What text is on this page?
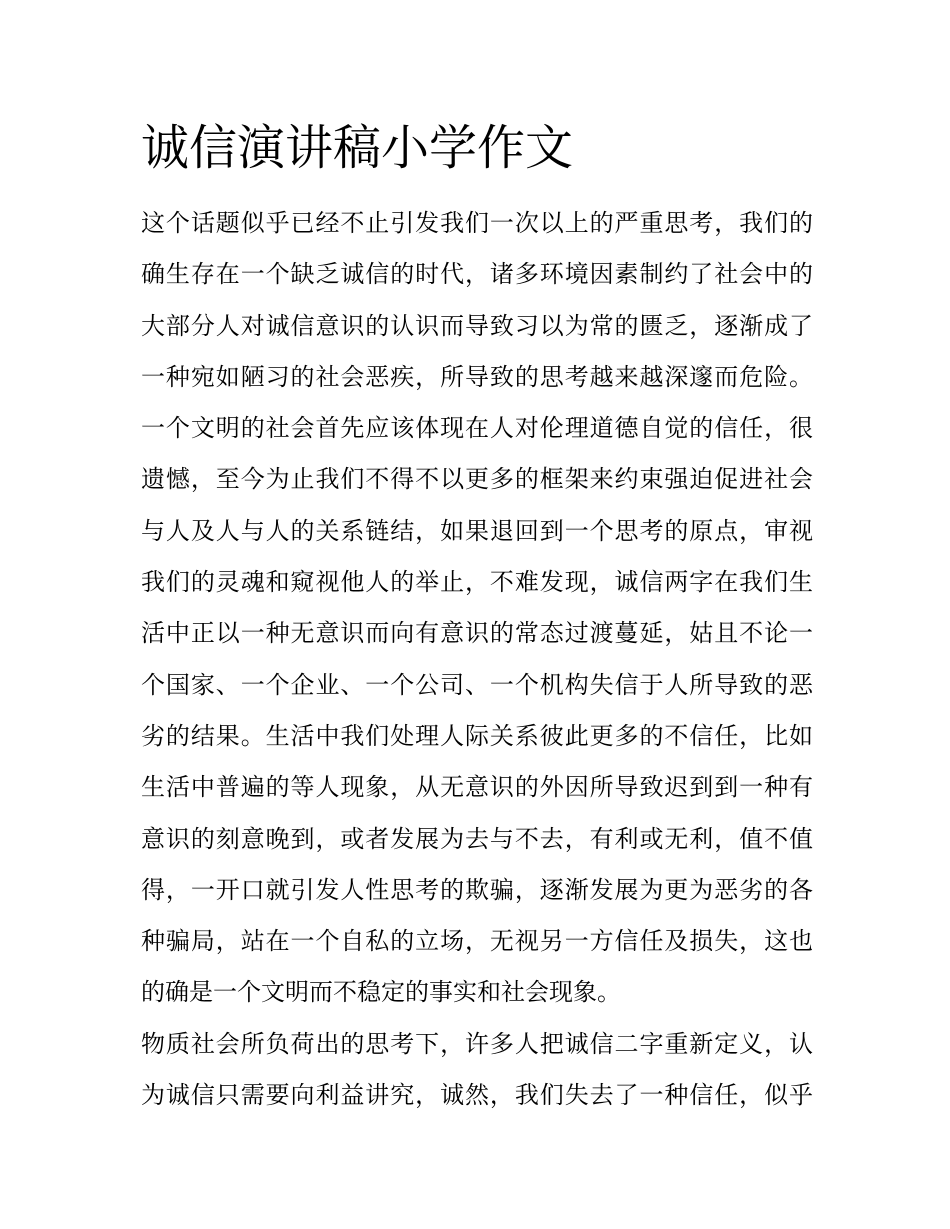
诚信演讲稿小学作文
这个话题似乎已经不止引发我们一次以上的严重思考，我们的
确生存在一个缺乏诚信的时代，诸多环境因素制约了社会中的
大部分人对诚信意识的认识而导致习以为常的匮乏，逐渐成了
一种宛如陋习的社会恶疾，所导致的思考越来越深邃而危险。
一个文明的社会首先应该体现在人对伦理道德自觉的信任，很
遗憾，至今为止我们不得不以更多的框架来约束强迫促进社会
与人及人与人的关系链结，如果退回到一个思考的原点，审视
我们的灵魂和窥视他人的举止，不难发现，诚信两字在我们生
活中正以一种无意识而向有意识的常态过渡蔓延，姑且不论一
个国家、一个企业、一个公司、一个机构失信于人所导致的恶
劣的结果。生活中我们处理人际关系彼此更多的不信任，比如
生活中普遍的等人现象，从无意识的外因所导致迟到到一种有
意识的刻意晚到，或者发展为去与不去，有利或无利，值不值
得，一开口就引发人性思考的欺骗，逐渐发展为更为恶劣的各
种骗局，站在一个自私的立场，无视另一方信任及损失，这也
的确是一个文明而不稳定的事实和社会现象。
物质社会所负荷出的思考下，许多人把诚信二字重新定义，认
为诚信只需要向利益讲究，诚然，我们失去了一种信任，似乎
